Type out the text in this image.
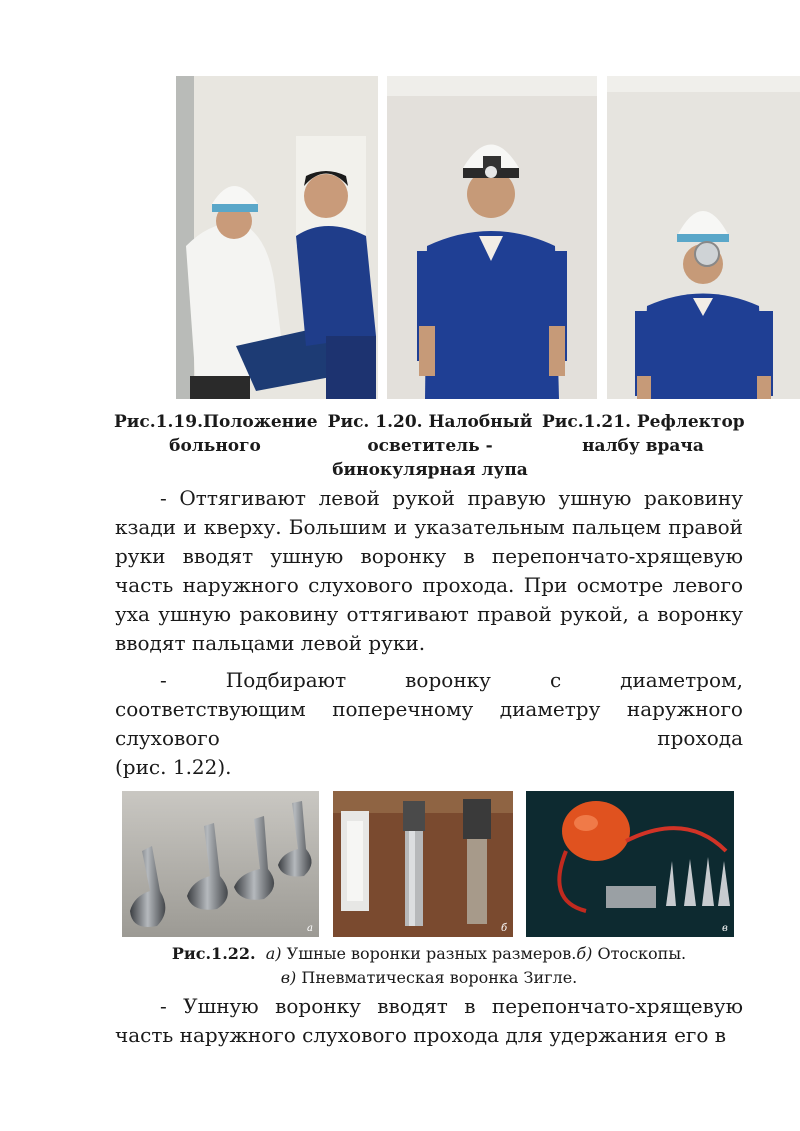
Рис.1.19.Положение
больного
Рис. 1.20. Налобный
осветитель -
бинокулярная лупа
Рис.1.21. Рефлектор
налбу врача

- Оттягивают левой рукой правую ушную раковину кзади и кверху. Большим и указательным пальцем правой руки вводят ушную воронку в перепончато-хрящевую часть наружного слухового прохода. При осмотре левого уха ушную раковину оттягивают правой рукой, а воронку вводят пальцами левой руки.

-	Подбирают	воронку	с	диаметром,
соответствующим поперечному диаметру наружного
слухового	прохода
(рис. 1.22).
а	б	в
Рис.1.22. а) Ушные воронки разных размеров.б) Отоскопы.
в) Пневматическая воронка Зигле.

- Ушную воронку вводят в перепончато-хрящевую часть наружного слухового прохода для удержания его в
